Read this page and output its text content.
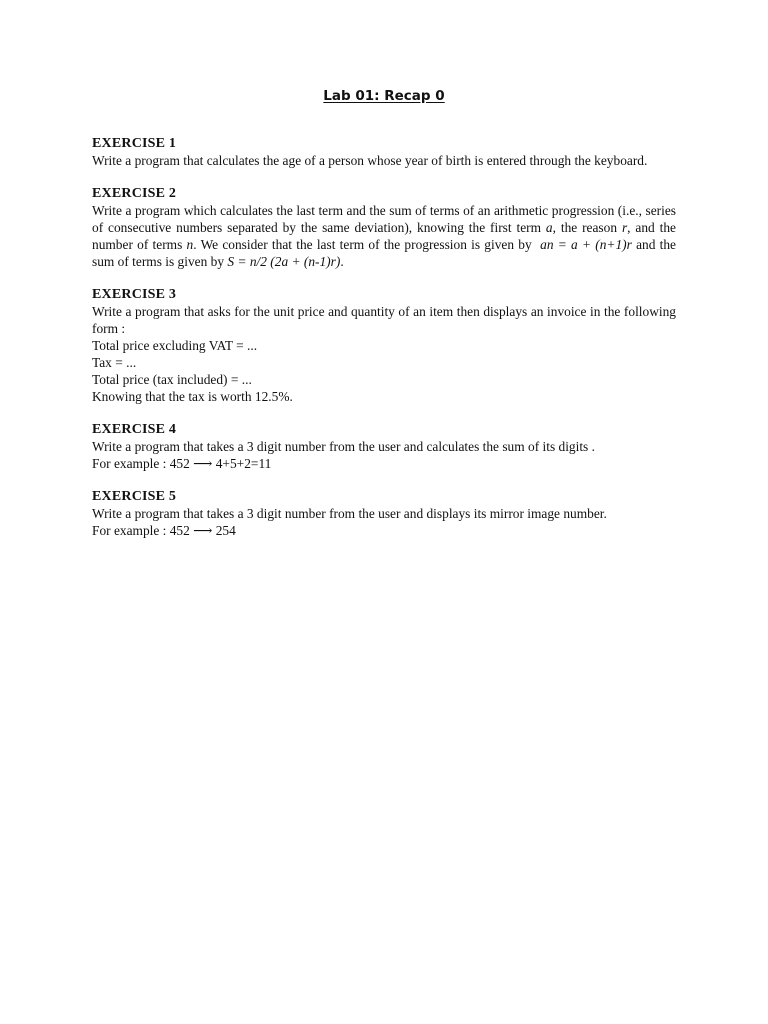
Lab 01: Recap 0
EXERCISE 1
Write a program that calculates the age of a person whose year of birth is entered through the keyboard.
EXERCISE 2
Write a program which calculates the last term and the sum of terms of an arithmetic progression (i.e., series of consecutive numbers separated by the same deviation), knowing the first term a, the reason r, and the number of terms n. We consider that the last term of the progression is given by an = a + (n+1)r and the sum of terms is given by S = n/2 (2a + (n-1)r).
EXERCISE 3
Write a program that asks for the unit price and quantity of an item then displays an invoice in the following form :
Total price excluding VAT = ...
Tax = ...
Total price (tax included) = ...
Knowing that the tax is worth 12.5%.
EXERCISE 4
Write a program that takes a 3 digit number from the user and calculates the sum of its digits .
For example : 452 ⟶ 4+5+2=11
EXERCISE 5
Write a program that takes a 3 digit number from the user and displays its mirror image number.
For example : 452 ⟶ 254
